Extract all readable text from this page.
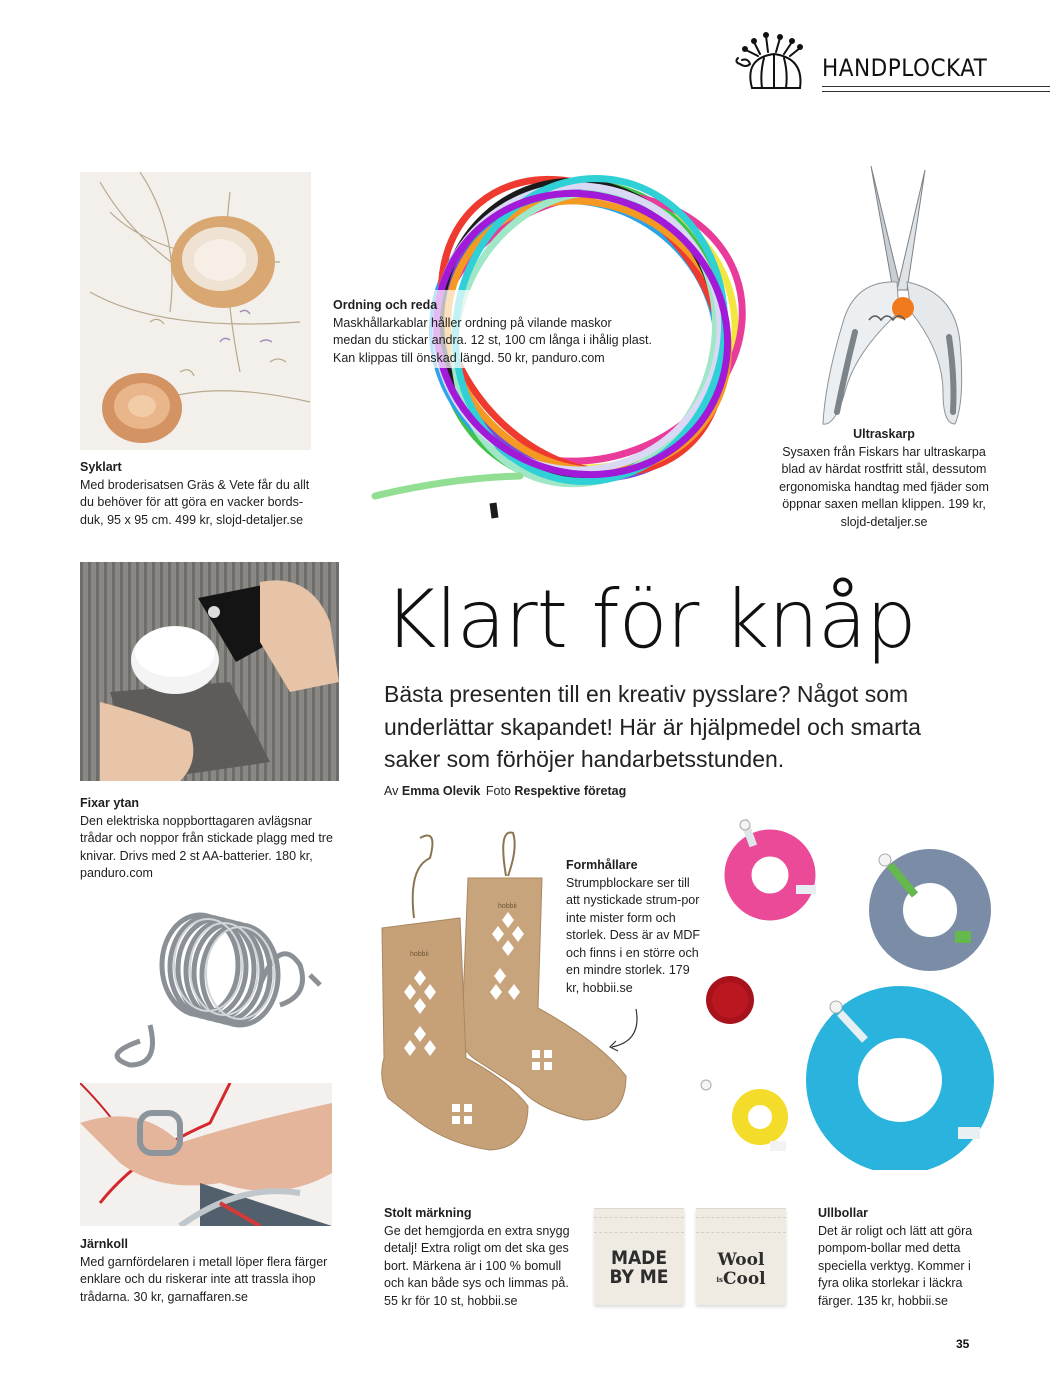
HANDPLOCKAT
Syklart
Med broderisatsen Gräs & Vete får du allt du behöver för att göra en vacker bords-duk, 95 x 95 cm. 499 kr, slojd-detaljer.se
Ordning och reda
Maskhållarkablar håller ordning på vilande maskor medan du stickar andra. 12 st, 100 cm långa i ihålig plast. Kan klippas till önskad längd. 50 kr, panduro.com
Ultraskarp
Sysaxen från Fiskars har ultraskarpa blad av härdat rostfritt stål, dessutom ergonomiska handtag med fjäder som öppnar saxen mellan klippen. 199 kr, slojd-detaljer.se
Fixar ytan
Den elektriska noppborttagaren avlägsnar trådar och noppor från stickade plagg med tre knivar. Drivs med 2 st AA-batterier. 180 kr, panduro.com
Klart för knåp
Bästa presenten till en kreativ pysslare? Något som underlättar skapandet! Här är hjälpmedel och smarta saker som förhöjer handarbetsstunden.
Av Emma Olevik Foto Respektive företag
hobbii
hobbii
Formhållare
Strumpblockare ser till att nystickade strum-por inte mister form och storlek. Dess är av MDF och finns i en större och en mindre storlek. 179 kr, hobbii.se
Järnkoll
Med garnfördelaren i metall löper flera färger enklare och du riskerar inte att trassla ihop trådarna. 30 kr, garnaffaren.se
Stolt märkning
Ge det hemgjorda en extra snygg detalj! Extra roligt om det ska ges bort. Märkena är i 100 % bomull och kan både sys och limmas på. 55 kr för 10 st, hobbii.se
MADE
BY ME
Wool
isCool
Ullbollar
Det är roligt och lätt att göra pompom-bollar med detta speciella verktyg. Kommer i fyra olika storlekar i läckra färger. 135 kr, hobbii.se
35
